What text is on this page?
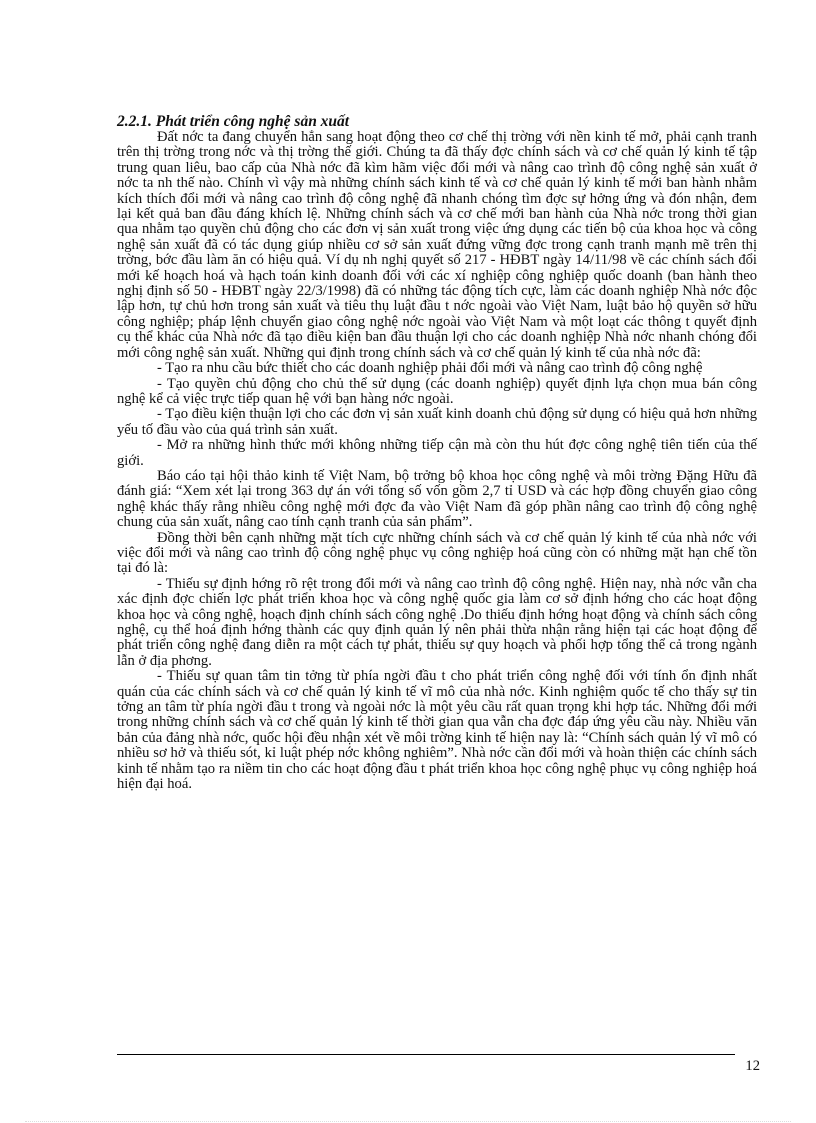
2.2.1. Phát triển công nghệ sản xuất

Đất nớc ta đang chuyển hẳn sang hoạt động theo cơ chế thị trờng với nền kinh tế mở, phải cạnh tranh trên thị trờng trong nớc và thị trờng thế giới. Chúng ta đã thấy đợc chính sách và cơ chế quản lý kinh tế tập trung quan liêu, bao cấp của Nhà nớc đã kìm hãm việc đổi mới và nâng cao trình độ công nghệ sản xuất ở nớc ta nh thế nào. Chính vì vậy mà những chính sách kinh tế và cơ chế quản lý kinh tế mới ban hành nhằm kích thích đổi mới và nâng cao trình độ công nghệ đã nhanh chóng tìm đợc sự hởng ứng và đón nhận, đem lại kết quả ban đầu đáng khích lệ. Những chính sách và cơ chế mới ban hành của Nhà nớc trong thời gian qua nhằm tạo quyền chủ động cho các đơn vị sản xuất trong việc ứng dụng các tiến bộ của khoa học và công nghệ sản xuất đã có tác dụng giúp nhiều cơ sở sản xuất đứng vững đợc trong cạnh tranh mạnh mẽ trên thị trờng, bớc đầu làm ăn có hiệu quả. Ví dụ nh nghị quyết số 217 - HĐBT ngày 14/11/98 về các chính sách đổi mới kế hoạch hoá và hạch toán kinh doanh đối với các xí nghiệp công nghiệp quốc doanh (ban hành theo nghị định số 50 - HĐBT ngày 22/3/1998) đã có những tác động tích cực, làm các doanh nghiệp Nhà nớc độc lập hơn, tự chủ hơn trong sản xuất và tiêu thụ luật đầu t nớc ngoài vào Việt Nam, luật bảo hộ quyền sở hữu công nghiệp; pháp lệnh chuyển giao công nghệ nớc ngoài vào Việt Nam và một loạt các thông t quyết định cụ thể khác của Nhà nớc đã tạo điều kiện ban đầu thuận lợi cho các doanh nghiệp Nhà nớc nhanh chóng đổi mới công nghệ sản xuất. Những qui định trong chính sách và cơ chế quản lý kinh tế của nhà nớc đã:

- Tạo ra nhu cầu bức thiết cho các doanh nghiệp phải đổi mới và nâng cao trình độ công nghệ

- Tạo quyền chủ động cho chủ thể sử dụng (các doanh nghiệp) quyết định lựa chọn mua bán công nghệ kể cả việc trực tiếp quan hệ với bạn hàng nớc ngoài.

- Tạo điều kiện thuận lợi cho các đơn vị sản xuất kinh doanh chủ động sử dụng có hiệu quả hơn những yếu tố đầu vào của quá trình sản xuất.

- Mở ra những hình thức mới không những tiếp cận mà còn thu hút đợc công nghệ tiên tiến của thế giới.

Báo cáo tại hội thảo kinh tế Việt Nam, bộ trởng bộ khoa học công nghệ và môi trờng Đặng Hữu đã đánh giá: “Xem xét lại trong 363 dự án với tổng số vốn gồm 2,7 tỉ USD và các hợp đồng chuyển giao công nghệ khác thấy rằng nhiều công nghệ mới đợc đa vào Việt Nam đã góp phần nâng cao trình độ công nghệ chung của sản xuất, nâng cao tính cạnh tranh của sản phẩm”.

Đồng thời bên cạnh những mặt tích cực những chính sách và cơ chế quản lý kinh tế của nhà nớc với việc đổi mới và nâng cao trình độ công nghệ phục vụ công nghiệp hoá cũng còn có những mặt hạn chế tồn tại đó là:

- Thiếu sự định hớng rõ rệt trong đổi mới và nâng cao trình độ công nghệ. Hiện nay, nhà nớc vẫn cha xác định đợc chiến lợc phát triển khoa học và công nghệ quốc gia làm cơ sở định hớng cho các hoạt động khoa học và công nghệ, hoạch định chính sách công nghệ .Do thiếu định hớng hoạt động và chính sách công nghệ, cụ thể hoá định hớng thành các quy định quản lý nên phải thừa nhận rằng hiện tại các hoạt động để phát triển công nghệ đang diễn ra một cách tự phát, thiếu sự quy hoạch và phối hợp tổng thể cả trong ngành lẫn ở địa phơng.

- Thiếu sự quan tâm tin tởng từ phía ngời đầu t cho phát triển công nghệ đối với tính ổn định nhất quán của các chính sách và cơ chế quản lý kinh tế vĩ mô của nhà nớc. Kinh nghiệm quốc tế cho thấy sự tin tởng an tâm từ phía ngời đầu t trong và ngoài nớc là một yêu cầu rất quan trọng khi hợp tác. Những đổi mới trong những chính sách và cơ chế quản lý kinh tế thời gian qua vẫn cha đợc đáp ứng yêu cầu này. Nhiều văn bản của đảng nhà nớc, quốc hội đều nhận xét về môi trờng kinh tế hiện nay là: “Chính sách quản lý vĩ mô có nhiều sơ hở và thiếu sót, kỉ luật phép nớc không nghiêm”. Nhà nớc cần đổi mới và hoàn thiện các chính sách kinh tế nhằm tạo ra niềm tin cho các hoạt động đầu t phát triển khoa học công nghệ phục vụ công nghiệp hoá hiện đại hoá.

12
